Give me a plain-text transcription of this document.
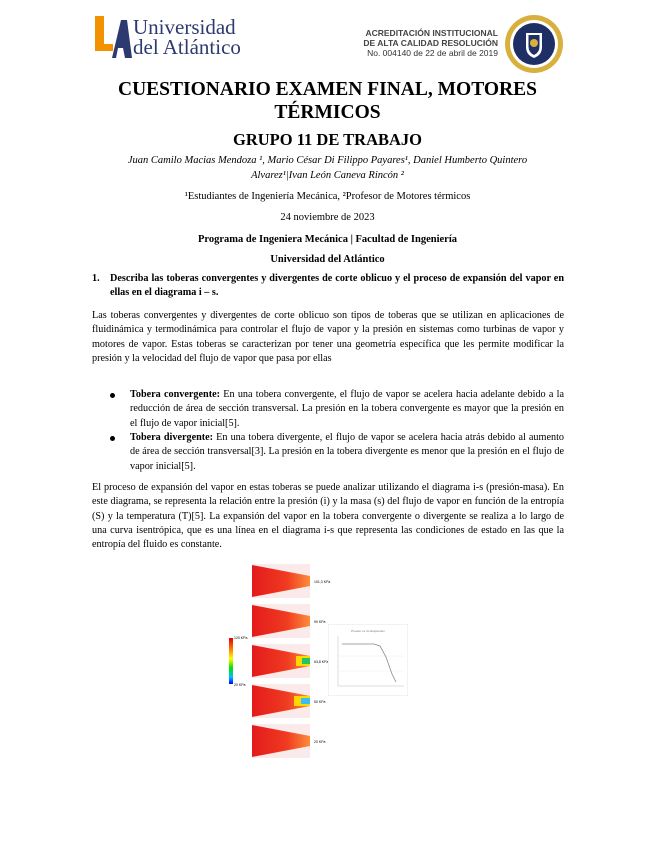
Universidad
del Atlántico
ACREDITACIÓN INSTITUCIONAL
DE ALTA CALIDAD RESOLUCIÓN
No. 004140 de 22 de abril de 2019
CUESTIONARIO EXAMEN FINAL, MOTORES TÉRMICOS
GRUPO 11 DE TRABAJO
Juan Camilo Macias Mendoza ¹, Mario César Di Filippo Payares¹, Daniel Humberto Quintero Alvarez¹|Ivan León Caneva Rincón ²
¹Estudiantes de Ingeniería Mecánica, ²Profesor de Motores térmicos
24 noviembre de 2023
Programa de Ingeniera Mecánica | Facultad de Ingeniería
Universidad del Atlántico
1. Describa las toberas convergentes y divergentes de corte oblicuo y el proceso de expansión del vapor en ellas en el diagrama i – s.
Las toberas convergentes y divergentes de corte oblicuo son tipos de toberas que se utilizan en aplicaciones de fluidinámica y termodinámica para controlar el flujo de vapor y la presión en sistemas como turbinas de vapor y motores de vapor. Estas toberas se caracterizan por tener una geometría específica que les permite modificar la presión y la velocidad del flujo de vapor que pasa por ellas
Tobera convergente: En una tobera convergente, el flujo de vapor se acelera hacia adelante debido a la reducción de área de sección transversal. La presión en la tobera convergente es mayor que la presión en el flujo de vapor inicial[5].
Tobera divergente: En una tobera divergente, el flujo de vapor se acelera hacia atrás debido al aumento de área de sección transversal[3]. La presión en la tobera divergente es menor que la presión en el flujo de vapor inicial[5].
El proceso de expansión del vapor en estas toberas se puede analizar utilizando el diagrama i-s (presión-masa). En este diagrama, se representa la relación entre la presión (i) y la masa (s) del flujo de vapor en función de la entropía (S) y la temperatura (T)[5]. La expansión del vapor en la tobera convergente o divergente se realiza a lo largo de una curva isentrópica, que es una línea en el diagrama i-s que representa las condiciones de estado en las que la entropía del fluido es constante.
120 KPa
20 KPa
101,3 KPa
90 KPa
63,8 KPa
50 KPa
20 KPa
Presión vs Contrapresión
